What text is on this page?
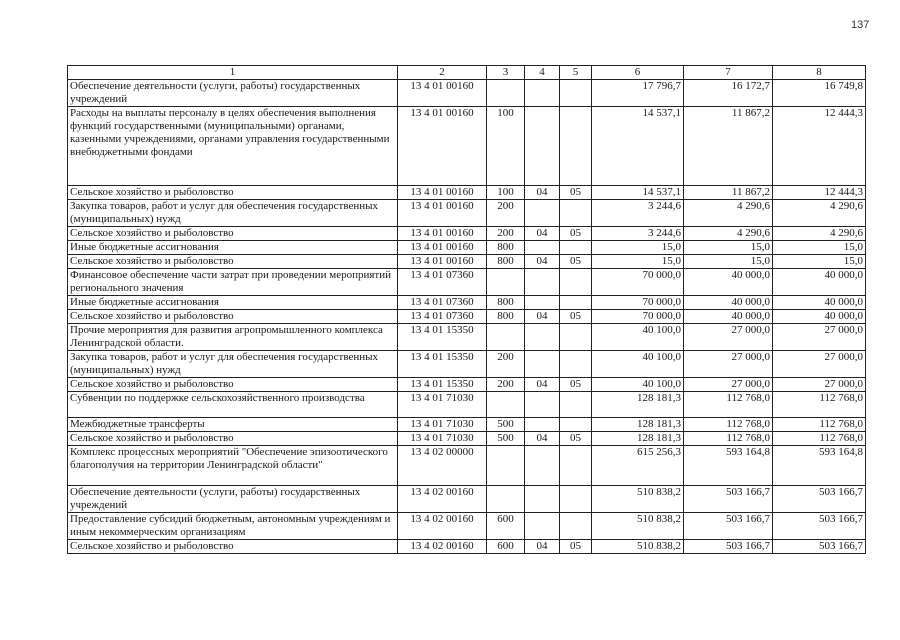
137
1	2	3	4	5	6	7	8
Обеспечение деятельности (услуги, работы) государственных учреждений	13 4 01 00160				17 796,7	16 172,7	16 749,8
Расходы на выплаты персоналу в целях обеспечения выполнения функций государственными (муниципальными) органами, казенными учреждениями, органами управления государственными внебюджетными фондами	13 4 01 00160	100			14 537,1	11 867,2	12 444,3
Сельское хозяйство и рыболовство	13 4 01 00160	100	04	05	14 537,1	11 867,2	12 444,3
Закупка товаров, работ и услуг для обеспечения государственных (муниципальных) нужд	13 4 01 00160	200			3 244,6	4 290,6	4 290,6
Сельское хозяйство и рыболовство	13 4 01 00160	200	04	05	3 244,6	4 290,6	4 290,6
Иные бюджетные ассигнования	13 4 01 00160	800			15,0	15,0	15,0
Сельское хозяйство и рыболовство	13 4 01 00160	800	04	05	15,0	15,0	15,0
Финансовое обеспечение части затрат при проведении мероприятий регионального значения	13 4 01 07360				70 000,0	40 000,0	40 000,0
Иные бюджетные ассигнования	13 4 01 07360	800			70 000,0	40 000,0	40 000,0
Сельское хозяйство и рыболовство	13 4 01 07360	800	04	05	70 000,0	40 000,0	40 000,0
Прочие мероприятия для развития агропромышленного комплекса Ленинградской области.	13 4 01 15350				40 100,0	27 000,0	27 000,0
Закупка товаров, работ и услуг для обеспечения государственных (муниципальных) нужд	13 4 01 15350	200			40 100,0	27 000,0	27 000,0
Сельское хозяйство и рыболовство	13 4 01 15350	200	04	05	40 100,0	27 000,0	27 000,0
Субвенции по поддержке сельскохозяйственного производства	13 4 01 71030				128 181,3	112 768,0	112 768,0
Межбюджетные трансферты	13 4 01 71030	500			128 181,3	112 768,0	112 768,0
Сельское хозяйство и рыболовство	13 4 01 71030	500	04	05	128 181,3	112 768,0	112 768,0
Комплекс процессных мероприятий "Обеспечение эпизоотического благополучия на территории Ленинградской области"	13 4 02 00000				615 256,3	593 164,8	593 164,8
Обеспечение деятельности (услуги, работы) государственных учреждений	13 4 02 00160				510 838,2	503 166,7	503 166,7
Предоставление субсидий бюджетным, автономным учреждениям и иным некоммерческим организациям	13 4 02 00160	600			510 838,2	503 166,7	503 166,7
Сельское хозяйство и рыболовство	13 4 02 00160	600	04	05	510 838,2	503 166,7	503 166,7
